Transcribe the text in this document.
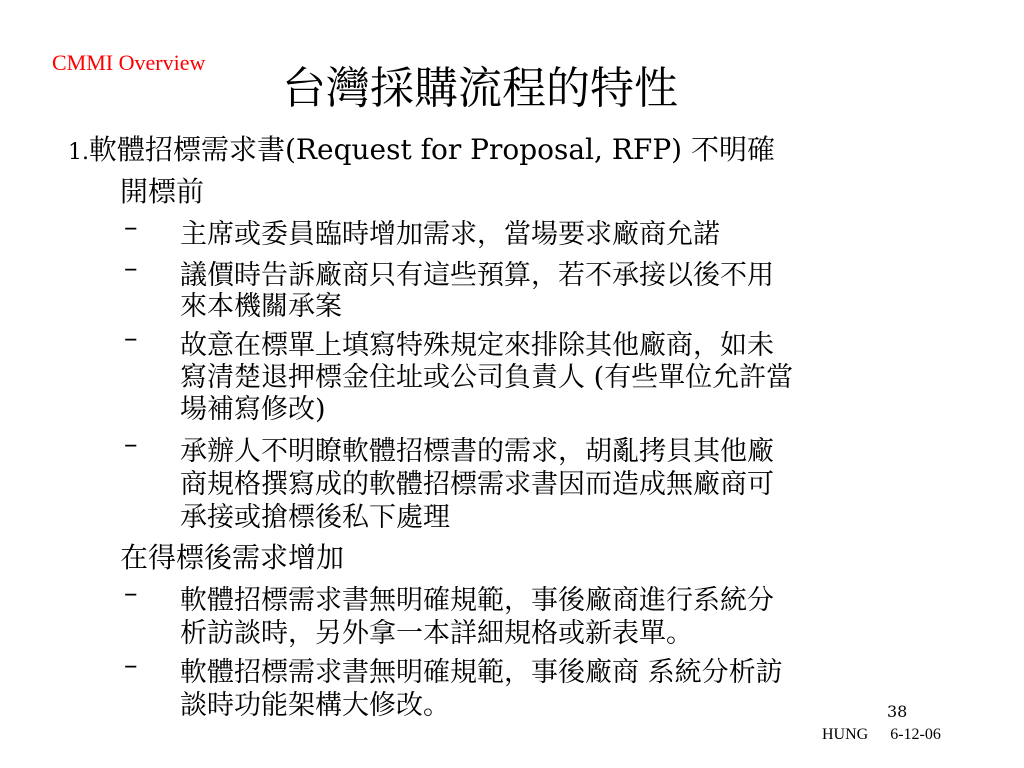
CMMI Overview
台灣採購流程的特性
1.軟體招標需求書(Request for Proposal, RFP) 不明確
開標前
– 主席或委員臨時增加需求，當場要求廠商允諾
– 議價時告訴廠商只有這些預算，若不承接以後不用
來本機關承案
– 故意在標單上填寫特殊規定來排除其他廠商，如未
寫清楚退押標金住址或公司負責人 (有些單位允許當
場補寫修改)
– 承辦人不明瞭軟體招標書的需求，胡亂拷貝其他廠
商規格撰寫成的軟體招標需求書因而造成無廠商可
承接或搶標後私下處理
在得標後需求增加
– 軟體招標需求書無明確規範，事後廠商進行系統分
析訪談時，另外拿一本詳細規格或新表單。
– 軟體招標需求書無明確規範，事後廠商 系統分析訪
談時功能架構大修改。	38
HUNG 6-12-06
